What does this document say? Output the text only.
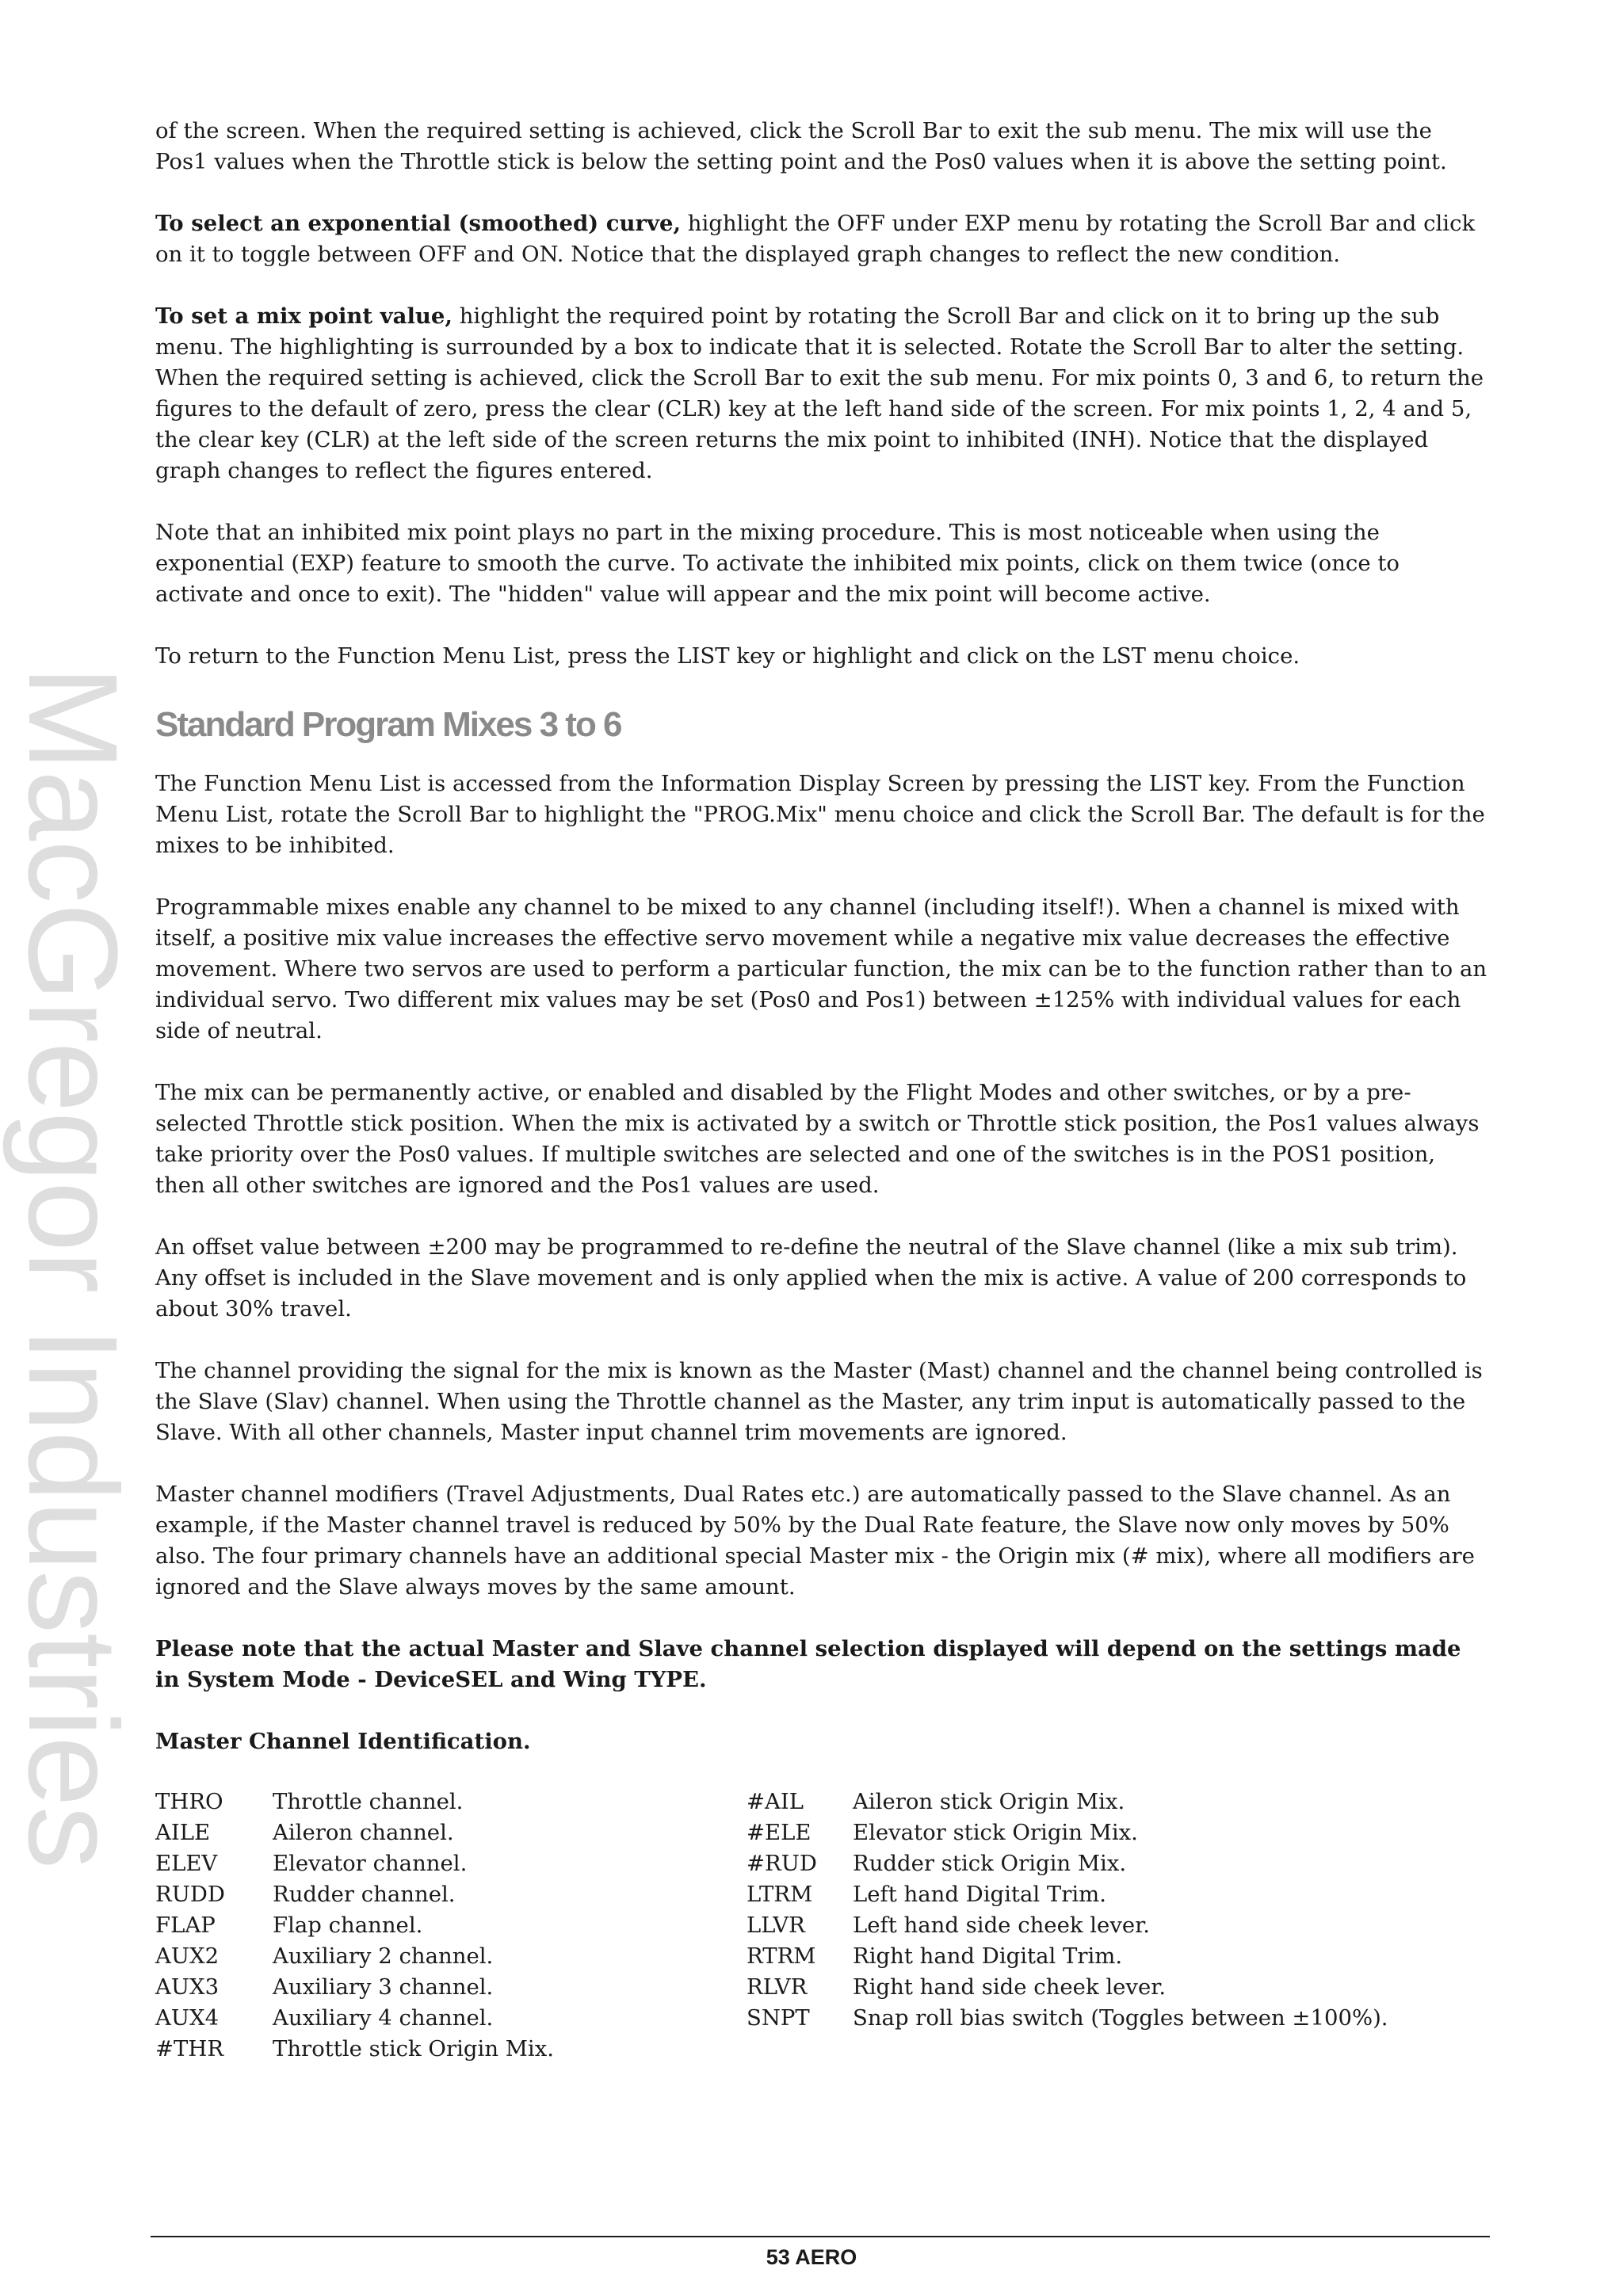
MacGregor Industries

of the screen. When the required setting is achieved, click the Scroll Bar to exit the sub menu. The mix will use the Pos1 values when the Throttle stick is below the setting point and the Pos0 values when it is above the setting point.

To select an exponential (smoothed) curve, highlight the OFF under EXP menu by rotating the Scroll Bar and click on it to toggle between OFF and ON. Notice that the displayed graph changes to reflect the new condition.

To set a mix point value, highlight the required point by rotating the Scroll Bar and click on it to bring up the sub menu. The highlighting is surrounded by a box to indicate that it is selected. Rotate the Scroll Bar to alter the setting. When the required setting is achieved, click the Scroll Bar to exit the sub menu. For mix points 0, 3 and 6, to return the figures to the default of zero, press the clear (CLR) key at the left hand side of the screen. For mix points 1, 2, 4 and 5, the clear key (CLR) at the left side of the screen returns the mix point to inhibited (INH). Notice that the displayed graph changes to reflect the figures entered.

Note that an inhibited mix point plays no part in the mixing procedure. This is most noticeable when using the exponential (EXP) feature to smooth the curve. To activate the inhibited mix points, click on them twice (once to activate and once to exit). The "hidden" value will appear and the mix point will become active.

To return to the Function Menu List, press the LIST key or highlight and click on the LST menu choice.

Standard Program Mixes 3 to 6

The Function Menu List is accessed from the Information Display Screen by pressing the LIST key. From the Function Menu List, rotate the Scroll Bar to highlight the "PROG.Mix" menu choice and click the Scroll Bar. The default is for the mixes to be inhibited.

Programmable mixes enable any channel to be mixed to any channel (including itself!). When a channel is mixed with itself, a positive mix value increases the effective servo movement while a negative mix value decreases the effective movement. Where two servos are used to perform a particular function, the mix can be to the function rather than to an individual servo. Two different mix values may be set (Pos0 and Pos1) between ±125% with individual values for each side of neutral.

The mix can be permanently active, or enabled and disabled by the Flight Modes and other switches, or by a pre-selected Throttle stick position. When the mix is activated by a switch or Throttle stick position, the Pos1 values always take priority over the Pos0 values. If multiple switches are selected and one of the switches is in the POS1 position, then all other switches are ignored and the Pos1 values are used.

An offset value between ±200 may be programmed to re-define the neutral of the Slave channel (like a mix sub trim). Any offset is included in the Slave movement and is only applied when the mix is active. A value of 200 corresponds to about 30% travel.

The channel providing the signal for the mix is known as the Master (Mast) channel and the channel being controlled is the Slave (Slav) channel. When using the Throttle channel as the Master, any trim input is automatically passed to the Slave. With all other channels, Master input channel trim movements are ignored.

Master channel modifiers (Travel Adjustments, Dual Rates etc.) are automatically passed to the Slave channel. As an example, if the Master channel travel is reduced by 50% by the Dual Rate feature, the Slave now only moves by 50% also. The four primary channels have an additional special Master mix - the Origin mix (# mix), where all modifiers are ignored and the Slave always moves by the same amount.

Please note that the actual Master and Slave channel selection displayed will depend on the settings made in System Mode - DeviceSEL and Wing TYPE.

Master Channel Identification.

THRO	Throttle channel.
AILE	Aileron channel.
ELEV	Elevator channel.
RUDD	Rudder channel.
FLAP	Flap channel.
AUX2	Auxiliary 2 channel.
AUX3	Auxiliary 3 channel.
AUX4	Auxiliary 4 channel.
#THR	Throttle stick Origin Mix.
#AIL	Aileron stick Origin Mix.
#ELE	Elevator stick Origin Mix.
#RUD	Rudder stick Origin Mix.
LTRM	Left hand Digital Trim.
LLVR	Left hand side cheek lever.
RTRM	Right hand Digital Trim.
RLVR	Right hand side cheek lever.
SNPT	Snap roll bias switch (Toggles between ±100%).
53 AERO
